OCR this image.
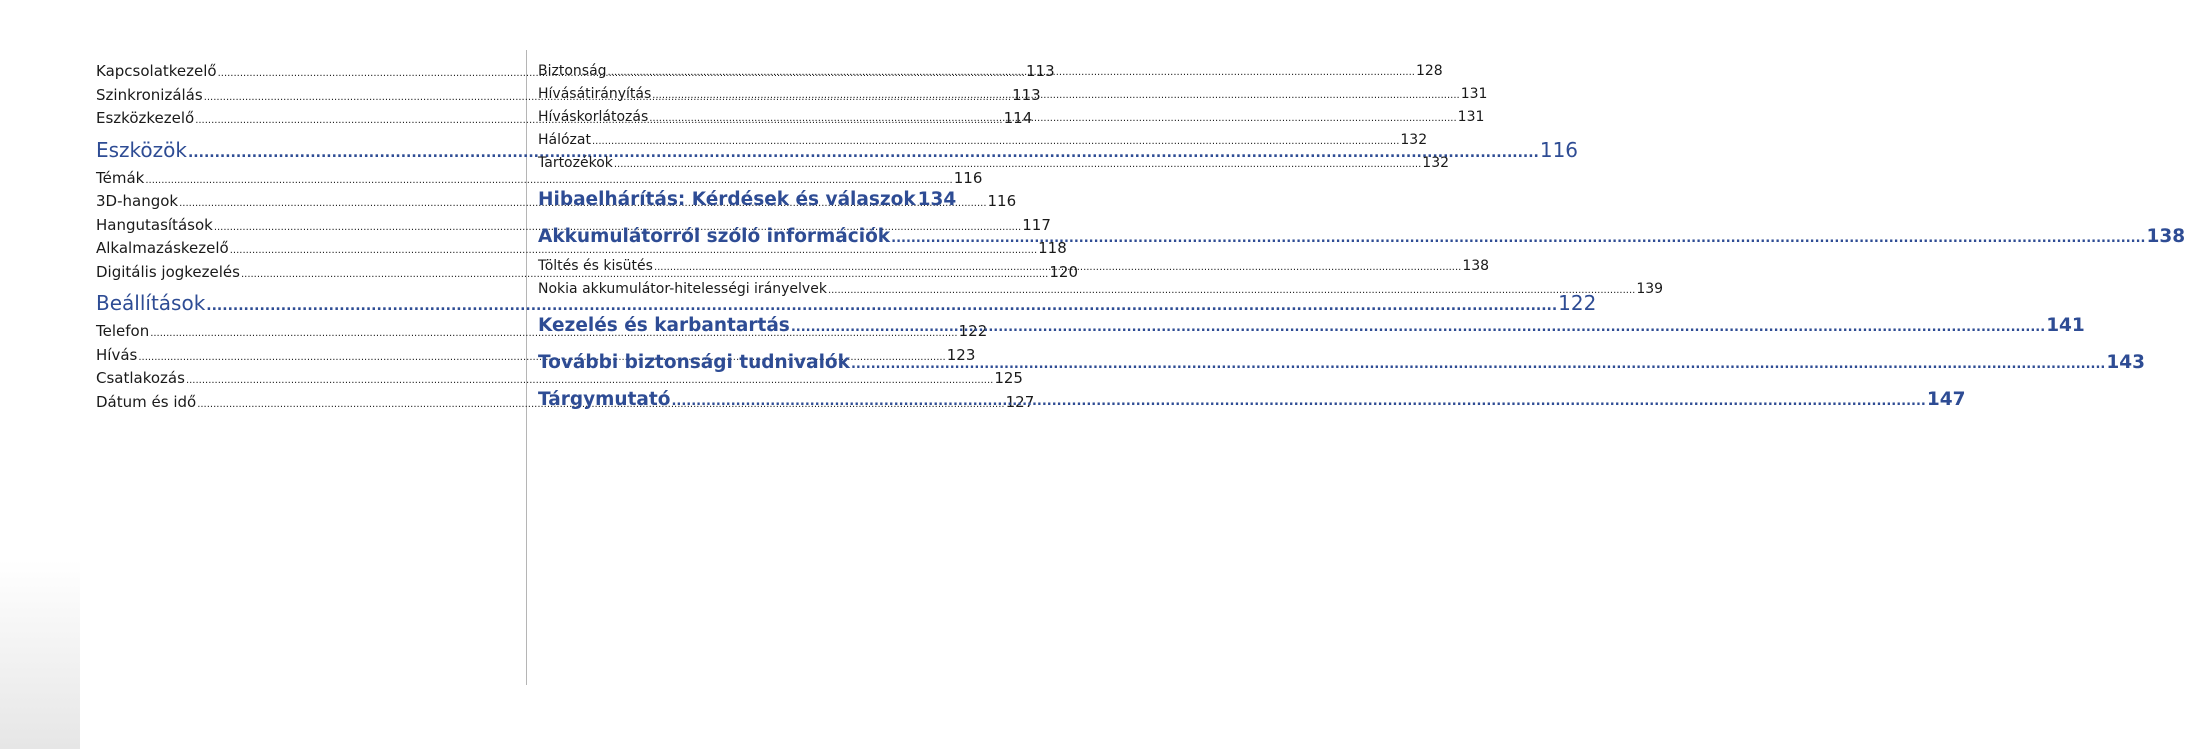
Kapcsolatkezelő .....	113
Szinkronizálás .....	113
Eszközkezelő .....	114
Eszközök .....	116
Témák .....	116
3D-hangok .....	116
Hangutasítások .....	117
Alkalmazáskezelő .....	118
Digitális jogkezelés .....	120
Beállítások .....	122
Telefon .....	122
Hívás .....	123
Csatlakozás .....	125
Dátum és idő .....	127
Biztonság .....	128
Hívásátirányítás .....	131
Híváskorlátozás .....	131
Hálózat .....	132
Tartozékok .....	132
Hibaelhárítás: Kérdések és válaszok 134
Akkumulátorról szóló információk .....	138
Töltés és kisütés .....	138
Nokia akkumulátor-hitelességi irányelvek .....	139
Kezelés és karbantartás .....	141
További biztonsági tudnivalók .....	143
Tárgymutató .....	147
